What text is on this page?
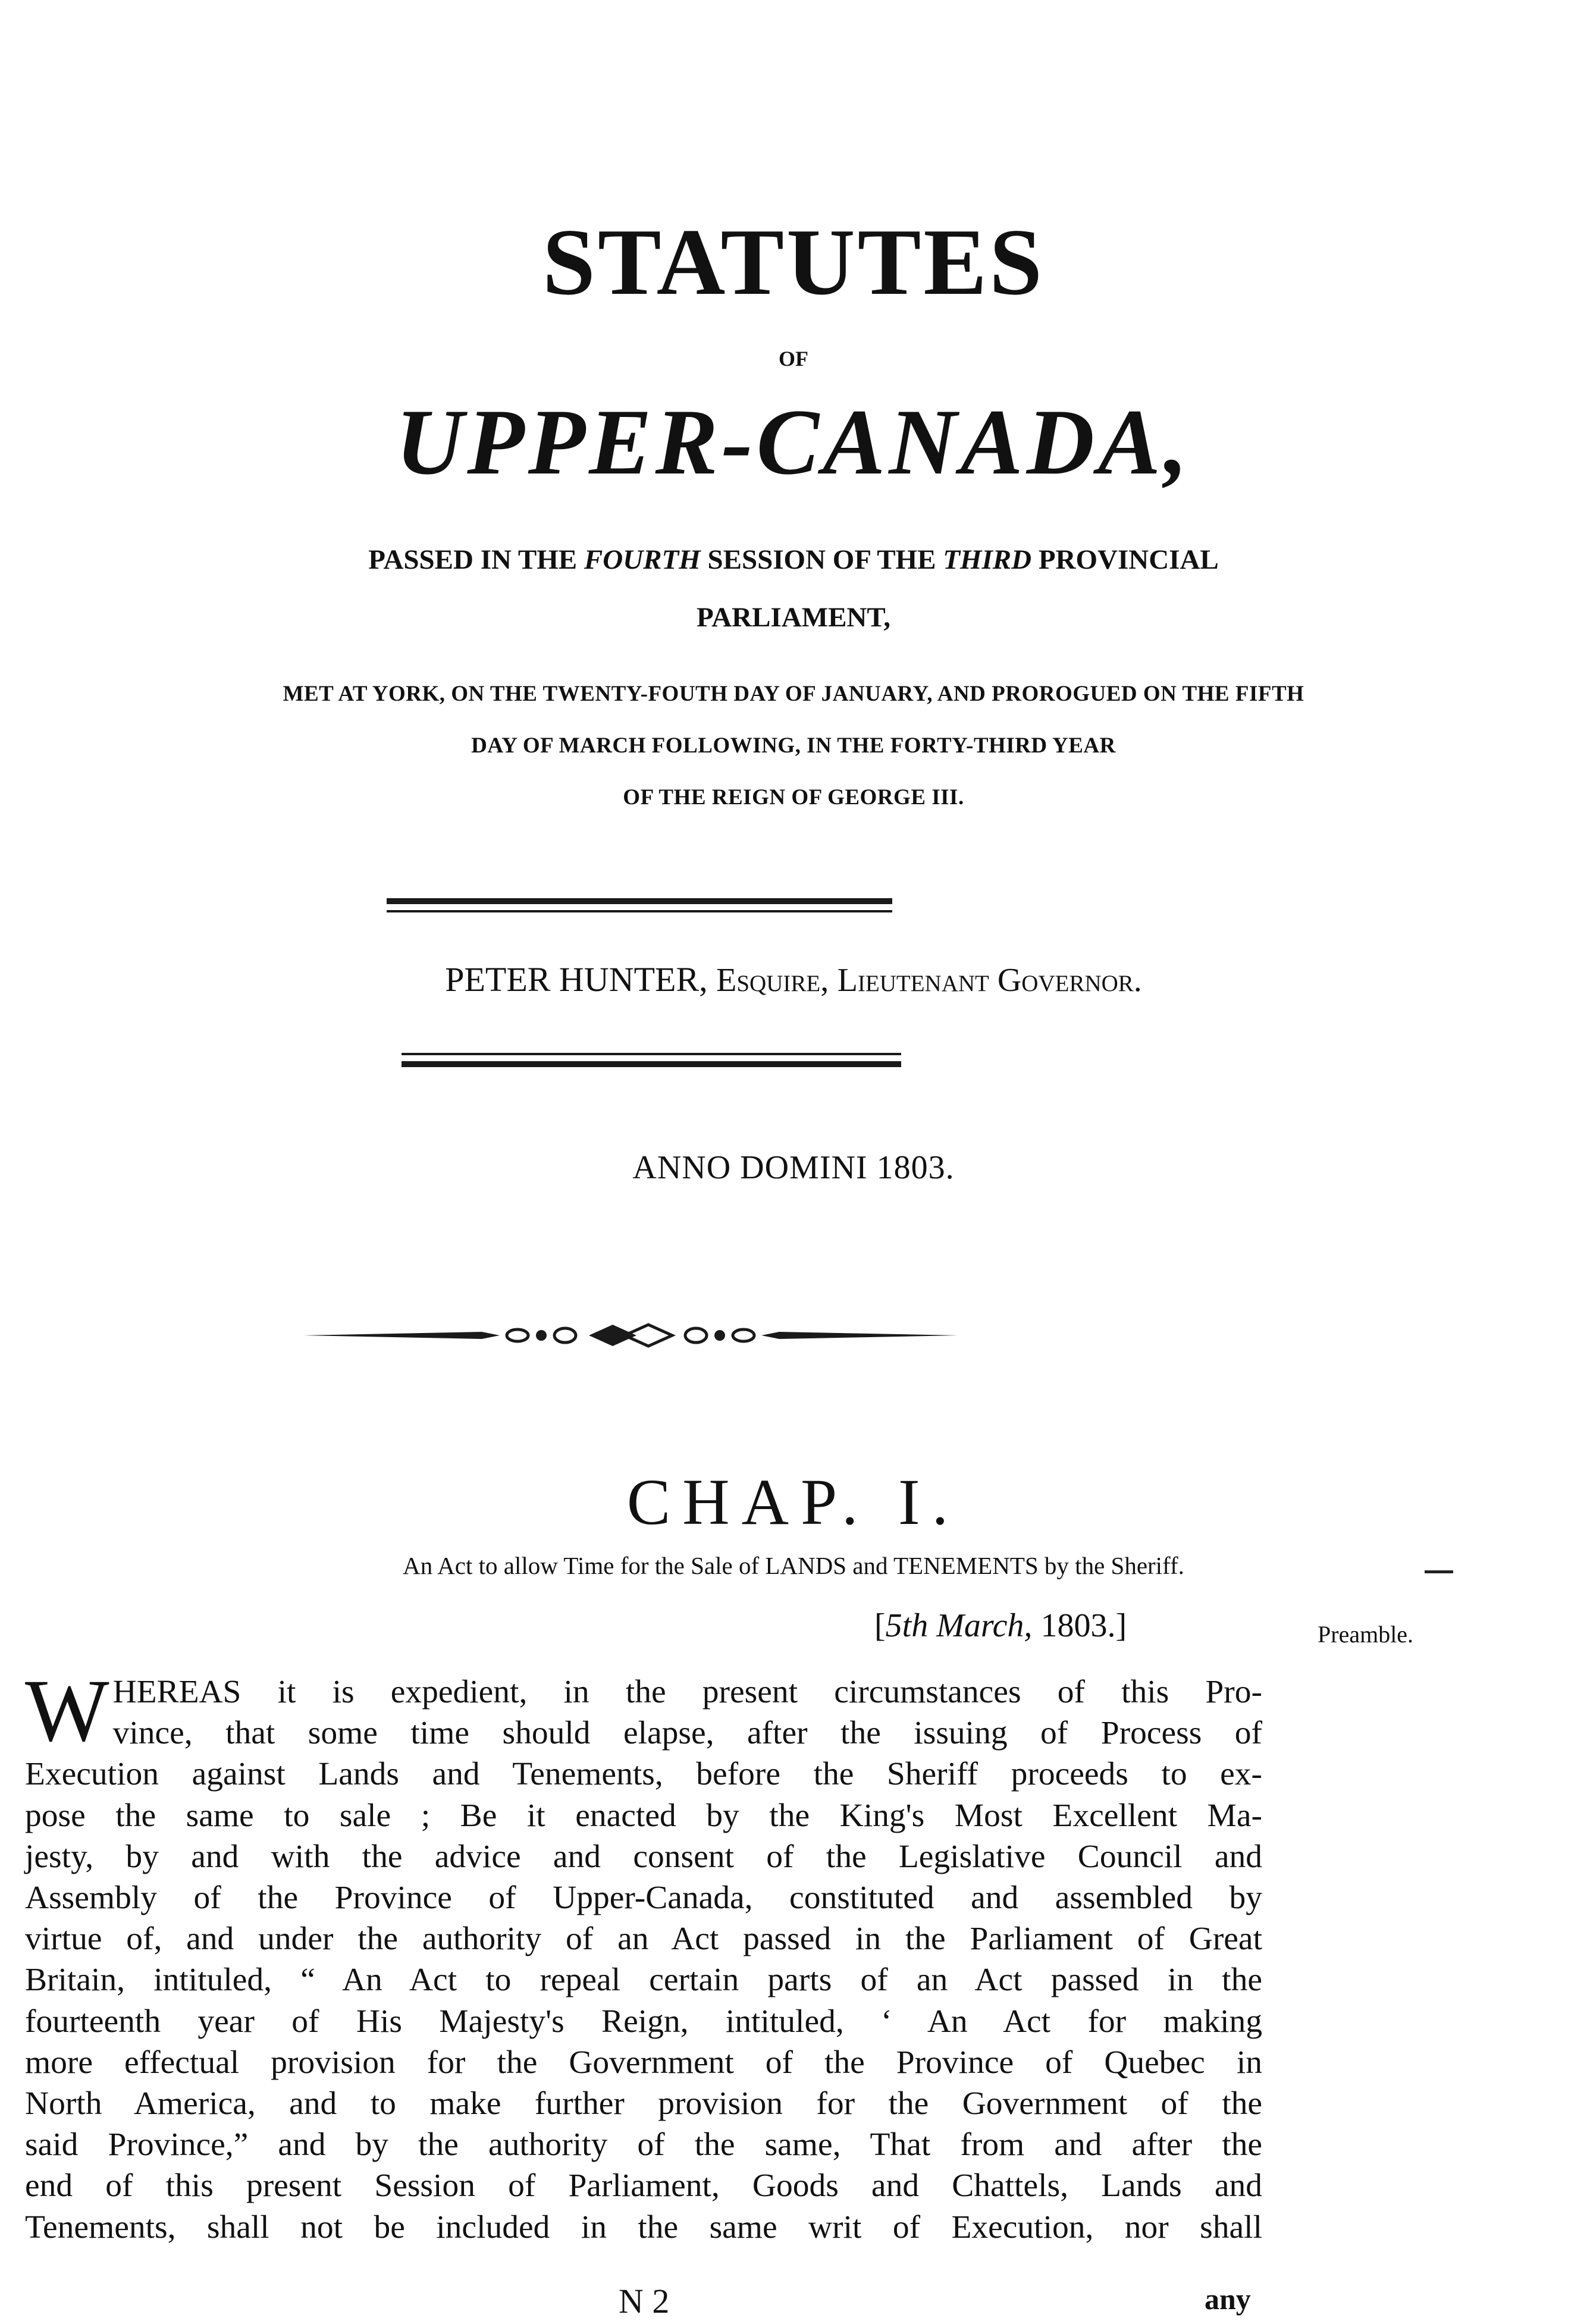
STATUTES
OF
UPPER-CANADA,
PASSED IN THE FOURTH SESSION OF THE THIRD PROVINCIAL
PARLIAMENT,
MET AT YORK, ON THE TWENTY-FOUTH DAY OF JANUARY, AND PROROGUED ON THE FIFTH
DAY OF MARCH FOLLOWING, IN THE FORTY-THIRD YEAR
OF THE REIGN OF GEORGE III.
PETER HUNTER, Esquire, Lieutenant Governor.
ANNO DOMINI 1803.
CHAP. I.
An Act to allow Time for the Sale of LANDS and TENEMENTS by the Sheriff.
[5th March, 1803.]	Preamble.
W HEREAS it is expedient, in the present circumstances of this Pro-
vince, that some time should elapse, after the issuing of Process of
Execution against Lands and Tenements, before the Sheriff proceeds to ex-
pose the same to sale ; Be it enacted by the King's Most Excellent Ma-
jesty, by and with the advice and consent of the Legislative Council and
Assembly of the Province of Upper-Canada, constituted and assembled by
virtue of, and under the authority of an Act passed in the Parliament of Great
Britain, intituled, “ An Act to repeal certain parts of an Act passed in the
fourteenth year of His Majesty's Reign, intituled, ‘ An Act for making
more effectual provision for the Government of the Province of Quebec in
North America, and to make further provision for the Government of the
said Province,” and by the authority of the same, That from and after the
end of this present Session of Parliament, Goods and Chattels, Lands and
Tenements, shall not be included in the same writ of Execution, nor shall
N 2	any
